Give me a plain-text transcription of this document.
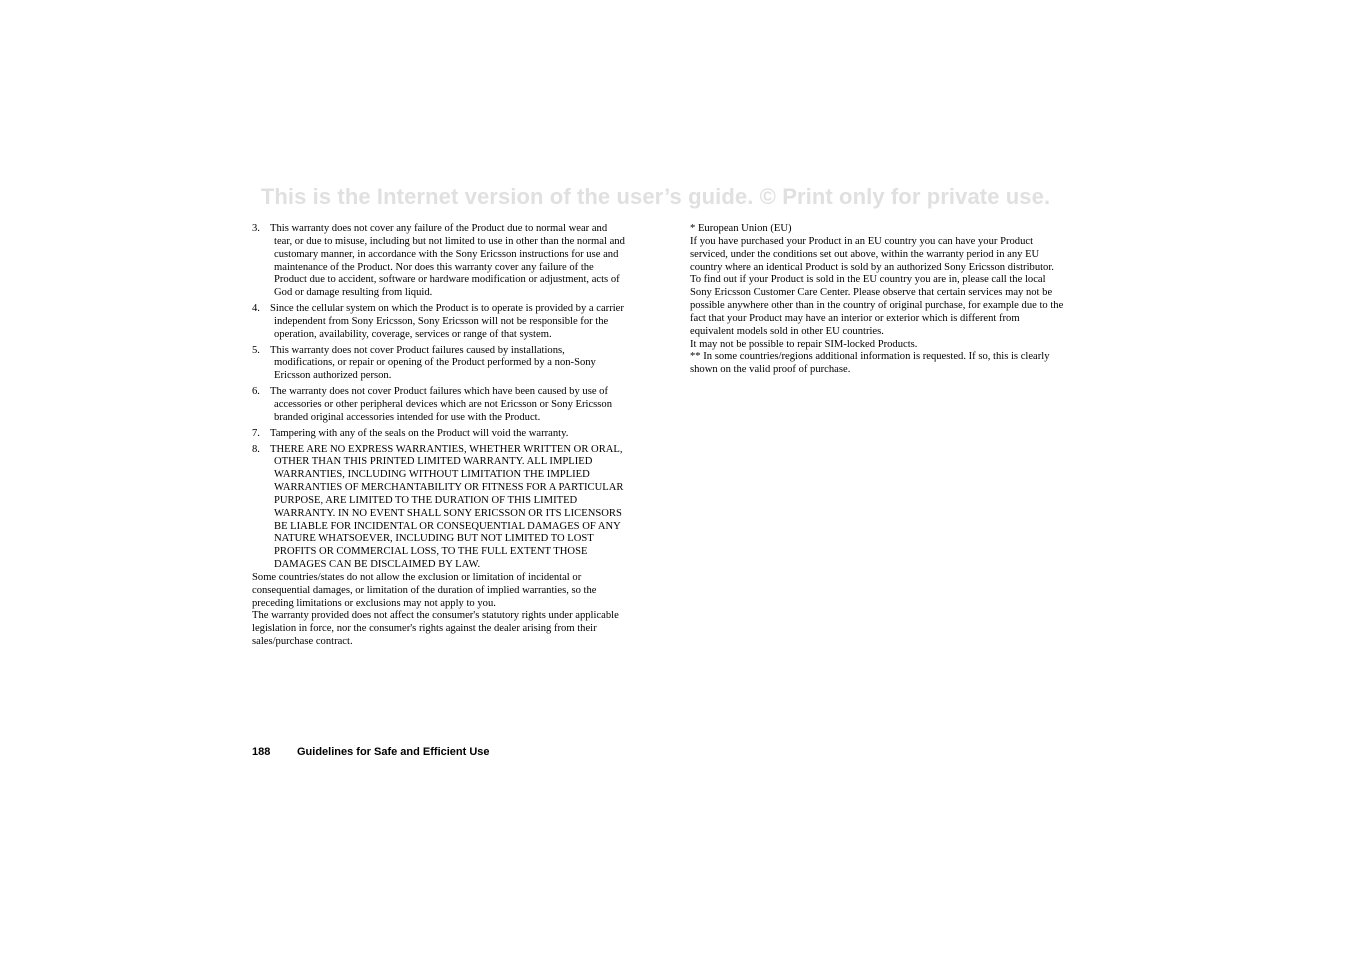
This is the Internet version of the user’s guide. © Print only for private use.
3. This warranty does not cover any failure of the Product due to normal wear and tear, or due to misuse, including but not limited to use in other than the normal and customary manner, in accordance with the Sony Ericsson instructions for use and maintenance of the Product. Nor does this warranty cover any failure of the Product due to accident, software or hardware modification or adjustment, acts of God or damage resulting from liquid.
4. Since the cellular system on which the Product is to operate is provided by a carrier independent from Sony Ericsson, Sony Ericsson will not be responsible for the operation, availability, coverage, services or range of that system.
5. This warranty does not cover Product failures caused by installations, modifications, or repair or opening of the Product performed by a non-Sony Ericsson authorized person.
6. The warranty does not cover Product failures which have been caused by use of accessories or other peripheral devices which are not Ericsson or Sony Ericsson branded original accessories intended for use with the Product.
7. Tampering with any of the seals on the Product will void the warranty.
8. THERE ARE NO EXPRESS WARRANTIES, WHETHER WRITTEN OR ORAL, OTHER THAN THIS PRINTED LIMITED WARRANTY. ALL IMPLIED WARRANTIES, INCLUDING WITHOUT LIMITATION THE IMPLIED WARRANTIES OF MERCHANTABILITY OR FITNESS FOR A PARTICULAR PURPOSE, ARE LIMITED TO THE DURATION OF THIS LIMITED WARRANTY. IN NO EVENT SHALL SONY ERICSSON OR ITS LICENSORS BE LIABLE FOR INCIDENTAL OR CONSEQUENTIAL DAMAGES OF ANY NATURE WHATSOEVER, INCLUDING BUT NOT LIMITED TO LOST PROFITS OR COMMERCIAL LOSS, TO THE FULL EXTENT THOSE DAMAGES CAN BE DISCLAIMED BY LAW.

Some countries/states do not allow the exclusion or limitation of incidental or consequential damages, or limitation of the duration of implied warranties, so the preceding limitations or exclusions may not apply to you.

The warranty provided does not affect the consumer's statutory rights under applicable legislation in force, nor the consumer's rights against the dealer arising from their sales/purchase contract.

* European Union (EU)

If you have purchased your Product in an EU country you can have your Product serviced, under the conditions set out above, within the warranty period in any EU country where an identical Product is sold by an authorized Sony Ericsson distributor. To find out if your Product is sold in the EU country you are in, please call the local Sony Ericsson Customer Care Center. Please observe that certain services may not be possible anywhere other than in the country of original purchase, for example due to the fact that your Product may have an interior or exterior which is different from equivalent models sold in other EU countries.

It may not be possible to repair SIM-locked Products.

** In some countries/regions additional information is requested. If so, this is clearly shown on the valid proof of purchase.

188 Guidelines for Safe and Efficient Use
